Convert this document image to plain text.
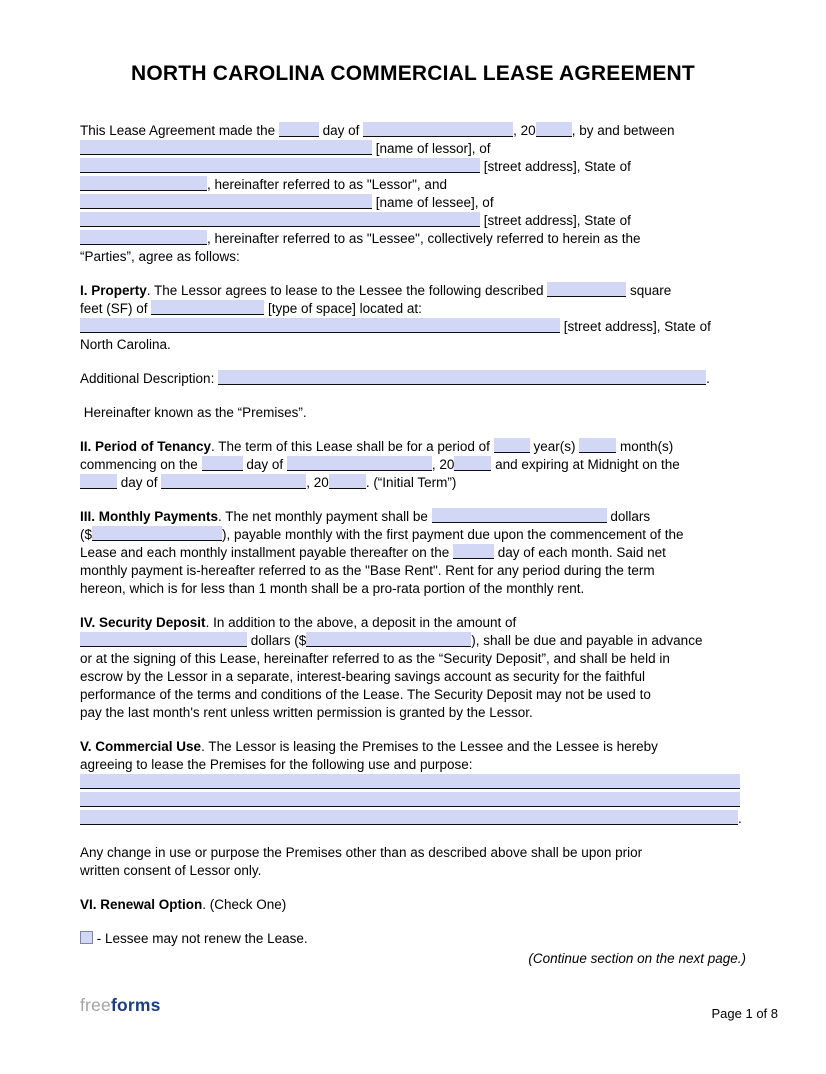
NORTH CAROLINA COMMERCIAL LEASE AGREEMENT
This Lease Agreement made the	day of	, 20	, by and between
[name of lessor], of
[street address], State of
, hereinafter referred to as "Lessor", and
[name of lessee], of
[street address], State of
, hereinafter referred to as "Lessee", collectively referred to herein as the
“Parties”, agree as follows:
I. Property. The Lessor agrees to lease to the Lessee the following described	square
feet (SF) of	[type of space] located at:
[street address], State of
North Carolina.
Additional Description:	.
Hereinafter known as the “Premises”.
II. Period of Tenancy. The term of this Lease shall be for a period of	year(s)	month(s)
commencing on the	day of	, 20	and expiring at Midnight on the
day of	, 20	. (“Initial Term”)
III. Monthly Payments. The net monthly payment shall be	dollars
($	), payable monthly with the first payment due upon the commencement of the
Lease and each monthly installment payable thereafter on the	day of each month. Said net
monthly payment is-hereafter referred to as the "Base Rent". Rent for any period during the term
hereon, which is for less than 1 month shall be a pro-rata portion of the monthly rent.
IV. Security Deposit. In addition to the above, a deposit in the amount of
dollars ($	), shall be due and payable in advance
or at the signing of this Lease, hereinafter referred to as the “Security Deposit”, and shall be held in
escrow by the Lessor in a separate, interest-bearing savings account as security for the faithful
performance of the terms and conditions of the Lease. The Security Deposit may not be used to
pay the last month's rent unless written permission is granted by the Lessor.
V. Commercial Use. The Lessor is leasing the Premises to the Lessee and the Lessee is hereby
agreeing to lease the Premises for the following use and purpose:
.
Any change in use or purpose the Premises other than as described above shall be upon prior
written consent of Lessor only.
VI. Renewal Option. (Check One)
- Lessee may not renew the Lease.
(Continue section on the next page.)
freeforms	Page 1 of 8
